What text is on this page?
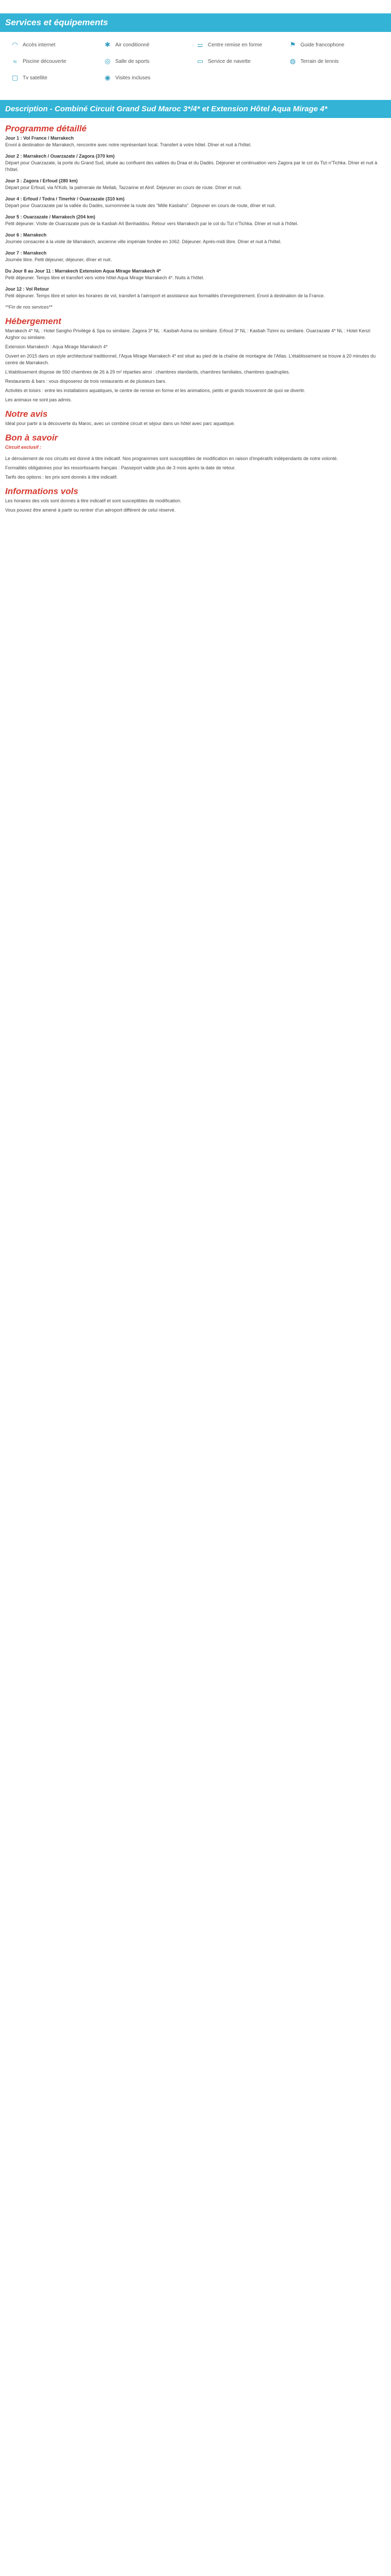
Services et équipements
◠ Accès internet	✱ Air conditionné	⚍ Centre remise en forme	⚑ Guide francophone
≈	Piscine découverte	◎ Salle de sports	▭ Service de navette	◍ Terrain de tennis
▢ Tv satellite	◉ Visites incluses
Description - Combiné Circuit Grand Sud Maroc 3*/4* et Extension Hôtel Aqua Mirage 4*
Programme détaillé
Jour 1 : Vol France / Marrakech
Envol à destination de Marrakech, rencontre avec notre représentant local. Transfert à votre hôtel. Dîner et nuit à l'hôtel.
Jour 2 : Marrakech / Ouarzazate / Zagora (370 km)
Départ pour Ouarzazate, la porte du Grand Sud, située au confluent des vallées du Draa et du Dadès. Déjeuner et continuation vers Zagora par le col du Tizi n'Tichka. Dîner et nuit à l'hôtel.
Jour 3 : Zagora / Erfoud (280 km)
Départ pour Erfoud, via N'Kob, la palmeraie de Mellab, Tazzarine et Alnif. Déjeuner en cours de route. Dîner et nuit.
Jour 4 : Erfoud / Todra / Tinerhir / Ouarzazate (310 km)
Départ pour Ouarzazate par la vallée du Dadès, surnommée la route des "Mille Kasbahs". Déjeuner en cours de route, dîner et nuit.
Jour 5 : Ouarzazate / Marrakech (204 km)
Petit déjeuner. Visite de Ouarzazate puis de la Kasbah Aït Benhaddou. Retour vers Marrakech par le col du Tizi n'Tichka. Dîner et nuit à l'hôtel.
Jour 6 : Marrakech
Journée consacrée à la visite de Marrakech, ancienne ville impériale fondée en 1062. Déjeuner. Après-midi libre. Dîner et nuit à l'hôtel.
Jour 7 : Marrakech
Journée libre. Petit déjeuner, déjeuner, dîner et nuit.
Du Jour 8 au Jour 11 : Marrakech Extension Aqua Mirage Marrakech 4*
Petit déjeuner. Temps libre et transfert vers votre hôtel Aqua Mirage Marrakech 4*. Nuits à l'hôtel.
Jour 12 : Vol Retour
Petit déjeuner. Temps libre et selon les horaires de vol, transfert à l'aéroport et assistance aux formalités d'enregistrement. Envol à destination de la France.
**Fin de nos services**
Hébergement
Marrakech 4* NL : Hotel Sangho Privilège & Spa ou similaire. Zagora 3* NL : Kasbah Asma ou similaire. Erfoud 3* NL : Kasbah Tizimi ou similaire. Ouarzazate 4* NL : Hotel Kenzi Azghor ou similaire.
Extension Marrakech : Aqua Mirage Marrakech 4*
Ouvert en 2015 dans un style architectural traditionnel, l'Aqua Mirage Marrakech 4* est situé au pied de la chaîne de montagne de l'Atlas. L'établissement se trouve à 20 minutes du centre de Marrakech.
L'établissement dispose de 550 chambres de 26 à 29 m² réparties ainsi : chambres standards, chambres familiales, chambres quadruples.
Restaurants & bars : vous disposerez de trois restaurants et de plusieurs bars.
Activités et loisirs : entre les installations aquatiques, le centre de remise en forme et les animations, petits et grands trouveront de quoi se divertir.
Les animaux ne sont pas admis.
Notre avis
Idéal pour partir à la découverte du Maroc, avec un combiné circuit et séjour dans un hôtel avec parc aquatique.
Bon à savoir
Circuit exclusif :
Le déroulement de nos circuits est donné à titre indicatif. Nos programmes sont susceptibles de modification en raison d'impératifs indépendants de notre volonté.
Formalités obligatoires pour les ressortissants français : Passeport valide plus de 3 mois après la date de retour.
Tarifs des options : les prix sont donnés à titre indicatif.
Informations vols
Les horaires des vols sont donnés à titre indicatif et sont susceptibles de modification.
Vous pouvez être amené à partir ou rentrer d'un aéroport différent de celui réservé.
